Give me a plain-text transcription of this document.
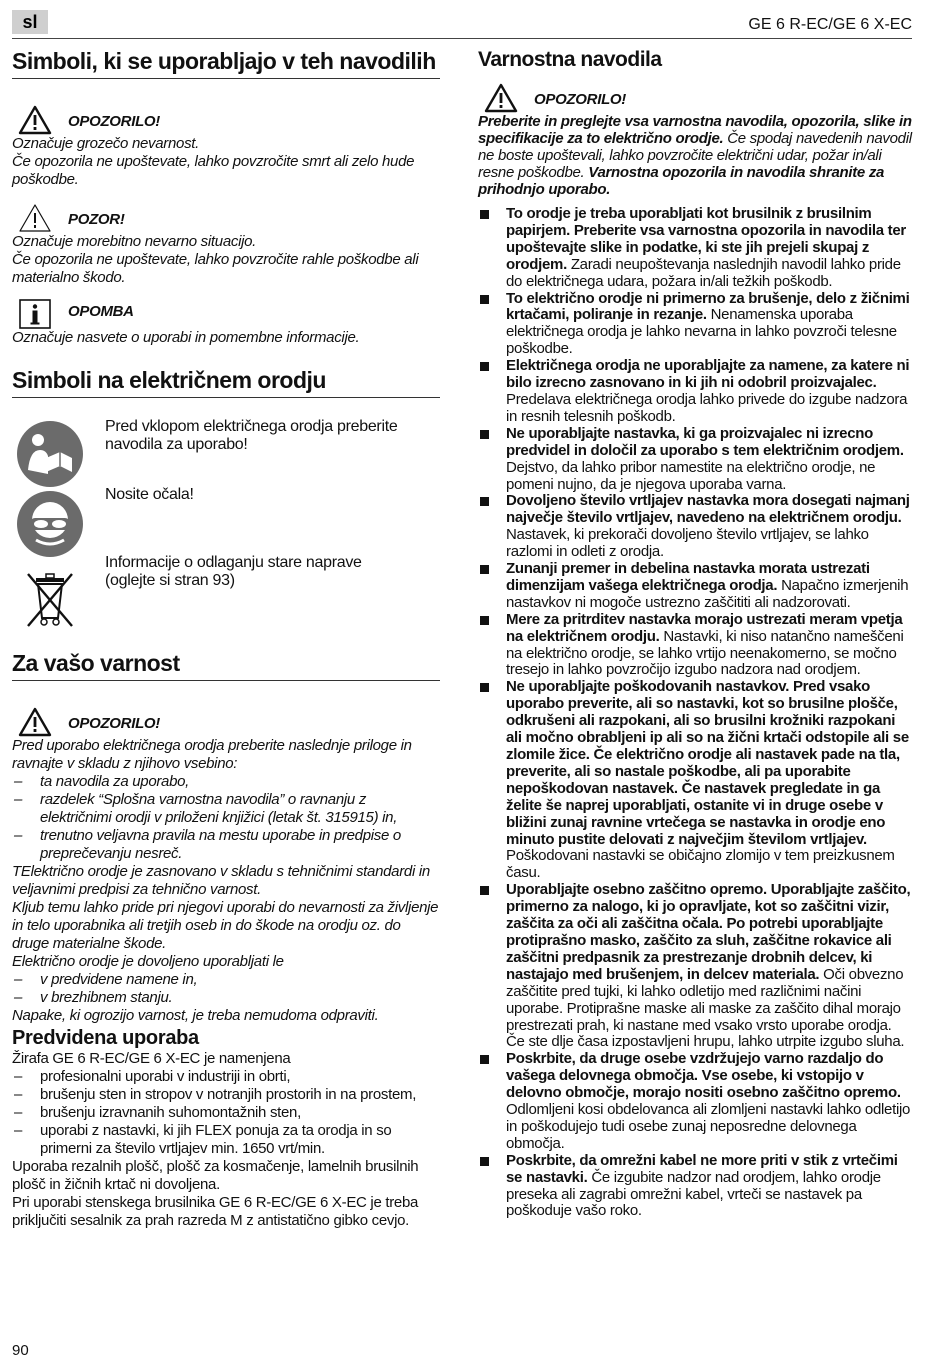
sl	GE 6 R-EC/GE 6 X-EC
Simboli, ki se uporabljajo v teh navodilih
OPOZORILO!

Označuje grozečo nevarnost.

Če opozorila ne upoštevate, lahko povzročite smrt ali zelo hude poškodbe.

POZOR!

Označuje morebitno nevarno situacijo.

Če opozorila ne upoštevate, lahko povzročite rahle poškodbe ali materialno škodo.

OPOMBA

Označuje nasvete o uporabi in pomembne informacije.

Simboli na električnem orodju
Pred vklopom električnega orodja preberite navodila za uporabo!
Nosite očala!
Informacije o odlaganju stare naprave (oglejte si stran 93)
Za vašo varnost
OPOZORILO!

Pred uporabo električnega orodja preberite naslednje priloge in ravnajte v skladu z njihovo vsebino:

– ta navodila za uporabo,
– razdelek “Splošna varnostna navodila” o ravnanju z električnimi orodji v priloženi knjižici (letak št. 315915) in,
– trenutno veljavna pravila na mestu uporabe in predpise o preprečevanju nesreč.

TElektrično orodje je zasnovano v skladu s tehničnimi standardi in veljavnimi predpisi za tehnično varnost.

Kljub temu lahko pride pri njegovi uporabi do nevarnosti za življenje in telo uporabnika ali tretjih oseb in do škode na orodju oz. do druge materialne škode.

Električno orodje je dovoljeno uporabljati le

– v predvidene namene in,
– v brezhibnem stanju.

Napake, ki ogrozijo varnost, je treba nemudoma odpraviti.

Predvidena uporaba

Žirafa GE 6 R-EC/GE 6 X-EC je namenjena

– profesionalni uporabi v industriji in obrti,
– brušenju sten in stropov v notranjih prostorih in na prostem,
– brušenju izravnanih suhomontažnih sten,
– uporabi z nastavki, ki jih FLEX ponuja za ta orodja in so primerni za število vrtljajev min. 1650 vrt/min.

Uporaba rezalnih plošč, plošč za kosmačenje, lamelnih brusilnih plošč in žičnih krtač ni dovoljena.

Pri uporabi stenskega brusilnika GE 6 R-EC/GE 6 X-EC je treba priključiti sesalnik za prah razreda M z antistatično gibko cevjo.

Varnostna navodila
OPOZORILO!

Preberite in preglejte vsa varnostna navodila, opozorila, slike in specifikacije za to električno orodje. Če spodaj navedenih navodil ne boste upoštevali, lahko povzročite električni udar, požar in/ali resne poškodbe. Varnostna opozorila in navodila shranite za prihodnjo uporabo.

To orodje je treba uporabljati kot brusilnik z brusilnim papirjem. Preberite vsa varnostna opozorila in navodila ter upoštevajte slike in podatke, ki ste jih prejeli skupaj z orodjem. Zaradi neupoštevanja naslednjih navodil lahko pride do električnega udara, požara in/ali težkih poškodb.
To električno orodje ni primerno za brušenje, delo z žičnimi krtačami, poliranje in rezanje. Nenamenska uporaba električnega orodja je lahko nevarna in lahko povzroči telesne poškodbe.
Električnega orodja ne uporabljajte za namene, za katere ni bilo izrecno zasnovano in ki jih ni odobril proizvajalec. Predelava električnega orodja lahko privede do izgube nadzora in resnih telesnih poškodb.
Ne uporabljajte nastavka, ki ga proizvajalec ni izrecno predvidel in določil za uporabo s tem električnim orodjem. Dejstvo, da lahko pribor namestite na električno orodje, ne pomeni nujno, da je njegova uporaba varna.
Dovoljeno število vrtljajev nastavka mora dosegati najmanj največje število vrtljajev, navedeno na električnem orodju. Nastavek, ki prekorači dovoljeno število vrtljajev, se lahko razlomi in odleti z orodja.
Zunanji premer in debelina nastavka morata ustrezati dimenzijam vašega električnega orodja. Napačno izmerjenih nastavkov ni mogoče ustrezno zaščititi ali nadzorovati.
Mere za pritrditev nastavka morajo ustrezati meram vpetja na električnem orodju. Nastavki, ki niso natančno nameščeni na električno orodje, se lahko vrtijo neenakomerno, se močno tresejo in lahko povzročijo izgubo nadzora nad orodjem.
Ne uporabljajte poškodovanih nastavkov. Pred vsako uporabo preverite, ali so nastavki, kot so brusilne plošče, odkrušeni ali razpokani, ali so brusilni krožniki razpokani ali močno obrabljeni ip ali so na žični krtači odstopile ali se zlomile žice. Če električno orodje ali nastavek pade na tla, preverite, ali so nastale poškodbe, ali pa uporabite nepoškodovan nastavek. Če nastavek pregledate in ga želite še naprej uporabljati, ostanite vi in druge osebe v bližini zunaj ravnine vrtečega se nastavka in orodje eno minuto pustite delovati z največjim številom vrtljajev. Poškodovani nastavki se običajno zlomijo v tem preizkusnem času.
Uporabljajte osebno zaščitno opremo. Uporabljajte zaščito, primerno za nalogo, ki jo opravljate, kot so zaščitni vizir, zaščita za oči ali zaščitna očala. Po potrebi uporabljajte protiprašno masko, zaščito za sluh, zaščitne rokavice ali zaščitni predpasnik za prestrezanje drobnih delcev, ki nastajajo med brušenjem, in delcev materiala. Oči obvezno zaščitite pred tujki, ki lahko odletijo med različnimi načini uporabe. Protiprašne maske ali maske za zaščito dihal morajo prestrezati prah, ki nastane med vsako vrsto uporabe orodja. Če ste dlje časa izpostavljeni hrupu, lahko utrpite izgubo sluha.
Poskrbite, da druge osebe vzdržujejo varno razdaljo do vašega delovnega območja. Vse osebe, ki vstopijo v delovno območje, morajo nositi osebno zaščitno opremo. Odlomljeni kosi obdelovanca ali zlomljeni nastavki lahko odletijo in poškodujejo tudi osebe zunaj neposredne delovnega območja.
Poskrbite, da omrežni kabel ne more priti v stik z vrtečimi se nastavki. Če izgubite nadzor nad orodjem, lahko orodje preseka ali zagrabi omrežni kabel, vrteči se nastavek pa poškoduje vašo roko.
90
